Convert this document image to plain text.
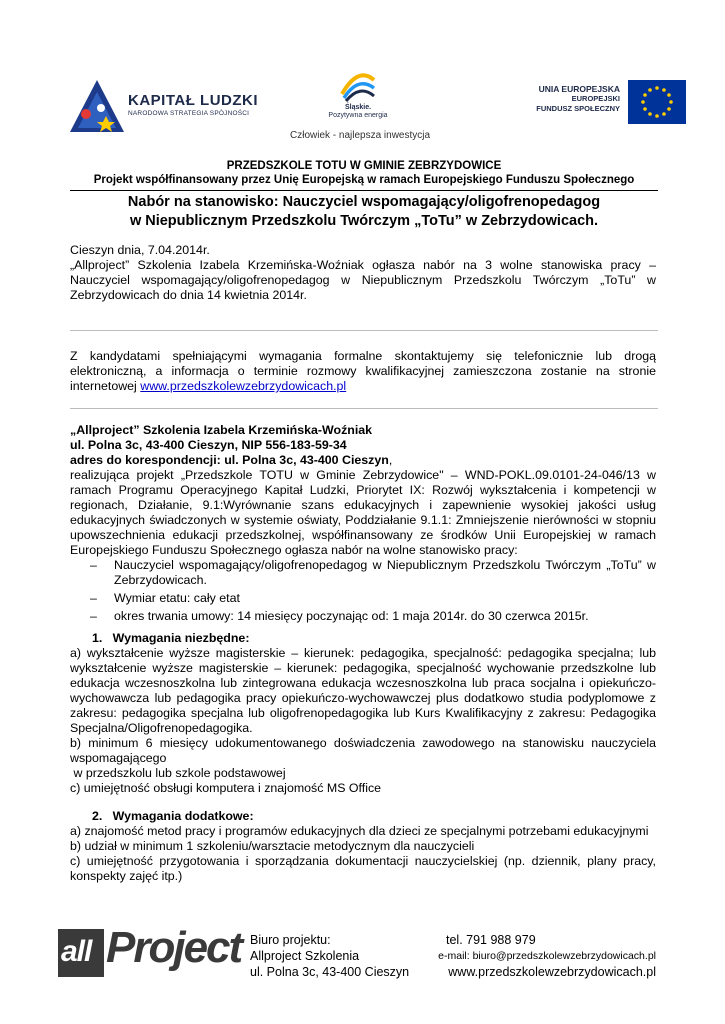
KAPITAŁ LUDZKI
NARODOWA STRATEGIA SPÓJNOŚCI
Śląskie.
Pozytywna energia
UNIA EUROPEJSKA
EUROPEJSKI
FUNDUSZ SPOŁECZNY
Człowiek - najlepsza inwestycja
PRZEDSZKOLE TOTU W GMINIE ZEBRZYDOWICE
Projekt współfinansowany przez Unię Europejską w ramach Europejskiego Funduszu Społecznego
Nabór na stanowisko: Nauczyciel wspomagający/oligofrenopedagog
w Niepublicznym Przedszkolu Twórczym „ToTu” w Zebrzydowicach.
Cieszyn dnia, 7.04.2014r.
„Allproject” Szkolenia Izabela Krzemińska-Woźniak ogłasza nabór na 3 wolne stanowiska pracy – Nauczyciel wspomagający/oligofrenopedagog w Niepublicznym Przedszkolu Twórczym „ToTu” w Zebrzydowicach do dnia 14 kwietnia 2014r.
Z kandydatami spełniającymi wymagania formalne skontaktujemy się telefonicznie lub drogą elektroniczną, a informacja o terminie rozmowy kwalifikacyjnej zamieszczona zostanie na stronie internetowej www.przedszkolewzebrzydowicach.pl
„Allproject” Szkolenia Izabela Krzemińska-Woźniak
ul. Polna 3c, 43-400 Cieszyn, NIP 556-183-59-34
adres do korespondencji: ul. Polna 3c, 43-400 Cieszyn,
realizująca projekt „Przedszkole TOTU w Gminie Zebrzydowice" – WND-POKL.09.0101-24-046/13 w ramach Programu Operacyjnego Kapitał Ludzki, Priorytet IX: Rozwój wykształcenia i kompetencji w regionach, Działanie, 9.1:Wyrównanie szans edukacyjnych i zapewnienie wysokiej jakości usług edukacyjnych świadczonych w systemie oświaty, Poddziałanie 9.1.1: Zmniejszenie nierówności w stopniu upowszechnienia edukacji przedszkolnej, współfinansowany ze środków Unii Europejskiej w ramach Europejskiego Funduszu Społecznego ogłasza nabór na wolne stanowisko pracy:
– Nauczyciel wspomagający/oligofrenopedagog w Niepublicznym Przedszkolu Twórczym „ToTu” w Zebrzydowicach.
– Wymiar etatu: cały etat
– okres trwania umowy: 14 miesięcy poczynając od: 1 maja 2014r. do 30 czerwca 2015r.
1.   Wymagania niezbędne:
a) wykształcenie wyższe magisterskie – kierunek: pedagogika, specjalność: pedagogika specjalna; lub wykształcenie wyższe magisterskie – kierunek: pedagogika, specjalność wychowanie przedszkolne lub edukacja wczesnoszkolna lub zintegrowana edukacja wczesnoszkolna lub praca socjalna i opiekuńczo-wychowawcza lub pedagogika pracy opiekuńczo-wychowawczej plus dodatkowo studia podyplomowe z zakresu: pedagogika specjalna lub oligofrenopedagogika lub Kurs Kwalifikacyjny z zakresu: Pedagogika Specjalna/Oligofrenopedagogika.
b) minimum 6 miesięcy udokumentowanego doświadczenia zawodowego na stanowisku nauczyciela wspomagającego
w przedszkolu lub szkole podstawowej
c) umiejętność obsługi komputera i znajomość MS Office
2.   Wymagania dodatkowe:
a) znajomość metod pracy i programów edukacyjnych dla dzieci ze specjalnymi potrzebami edukacyjnymi
b) udział w minimum 1 szkoleniu/warsztacie metodycznym dla nauczycieli
c) umiejętność przygotowania i sporządzania dokumentacji nauczycielskiej (np. dziennik, plany pracy, konspekty zajęć itp.)
all Project Biuro projektu:
Allproject Szkolenia
ul. Polna 3c, 43-400 Cieszyn
tel. 791 988 979
e-mail: biuro@przedszkolewzebrzydowicach.pl
www.przedszkolewzebrzydowicach.pl
